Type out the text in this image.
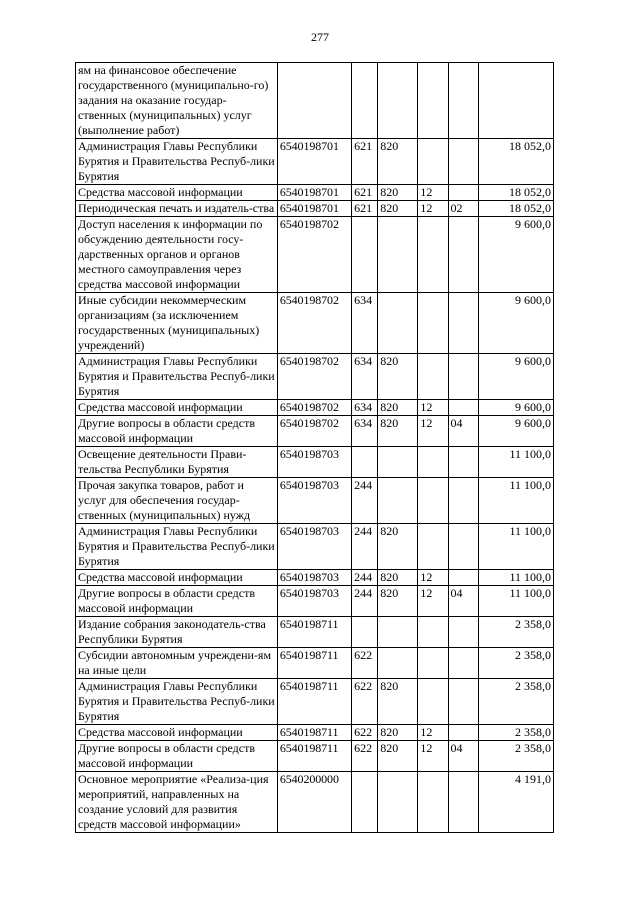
277
ям на финансовое обеспечение государственного (муниципально-го) задания на оказание государ-ственных (муниципальных) услуг (выполнение работ)						
Администрация Главы Республики Бурятия и Правительства Респуб-лики Бурятия	6540198701	621	820			18 052,0
Средства массовой информации	6540198701	621	820	12		18 052,0
Периодическая печать и издатель-ства	6540198701	621	820	12	02	18 052,0
Доступ населения к информации по обсуждению деятельности госу-дарственных органов и органов местного самоуправления через средства массовой информации	6540198702					9 600,0
Иные субсидии некоммерческим организациям (за исключением государственных (муниципальных) учреждений)	6540198702	634				9 600,0
Администрация Главы Республики Бурятия и Правительства Респуб-лики Бурятия	6540198702	634	820			9 600,0
Средства массовой информации	6540198702	634	820	12		9 600,0
Другие вопросы в области средств массовой информации	6540198702	634	820	12	04	9 600,0
Освещение деятельности Прави-тельства Республики Бурятия	6540198703					11 100,0
Прочая закупка товаров, работ и услуг для обеспечения государ-ственных (муниципальных) нужд	6540198703	244				11 100,0
Администрация Главы Республики Бурятия и Правительства Респуб-лики Бурятия	6540198703	244	820			11 100,0
Средства массовой информации	6540198703	244	820	12		11 100,0
Другие вопросы в области средств массовой информации	6540198703	244	820	12	04	11 100,0
Издание собрания законодатель-ства Республики Бурятия	6540198711					2 358,0
Субсидии автономным учреждени-ям на иные цели	6540198711	622				2 358,0
Администрация Главы Республики Бурятия и Правительства Респуб-лики Бурятия	6540198711	622	820			2 358,0
Средства массовой информации	6540198711	622	820	12		2 358,0
Другие вопросы в области средств массовой информации	6540198711	622	820	12	04	2 358,0
Основное мероприятие «Реализа-ция мероприятий, направленных на создание условий для развития средств массовой информации»	6540200000					4 191,0
